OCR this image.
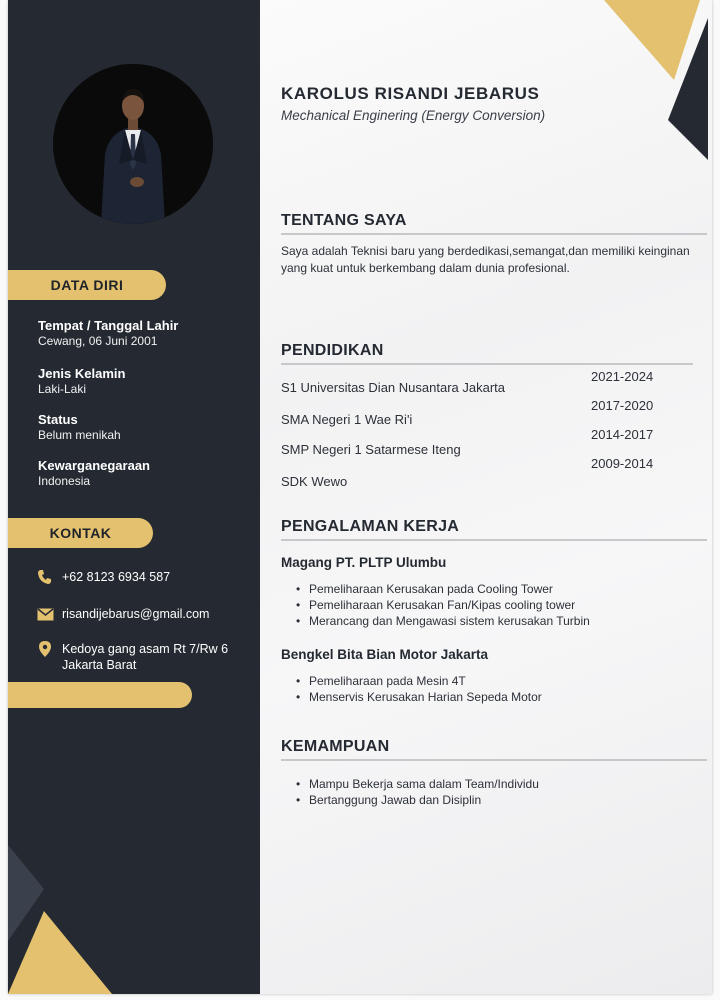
DATA DIRI
Tempat / Tanggal Lahir
Cewang, 06 Juni 2001
Jenis Kelamin
Laki-Laki
Status
Belum menikah
Kewarganegaraan
Indonesia
KONTAK
+62 8123 6934 587
risandijebarus@gmail.com
Kedoya gang asam Rt 7/Rw 6
Jakarta Barat
KAROLUS RISANDI JEBARUS
Mechanical Enginering (Energy Conversion)
TENTANG SAYA
Saya adalah Teknisi baru yang berdedikasi,semangat,dan memiliki keinginan yang kuat untuk berkembang dalam dunia profesional.
PENDIDIKAN
S1 Universitas Dian Nusantara Jakarta
SMA Negeri 1 Wae Ri'i
SMP Negeri 1 Satarmese Iteng
SDK Wewo
2021-2024
2017-2020
2014-2017
2009-2014
PENGALAMAN KERJA
Magang PT. PLTP Ulumbu
• Pemeliharaan Kerusakan pada Cooling Tower
• Pemeliharaan Kerusakan Fan/Kipas cooling tower
• Merancang dan Mengawasi sistem kerusakan Turbin
Bengkel Bita Bian Motor Jakarta
• Pemeliharaan pada Mesin 4T
• Menservis Kerusakan Harian Sepeda Motor
KEMAMPUAN
• Mampu Bekerja sama dalam Team/Individu
• Bertanggung Jawab dan Disiplin
